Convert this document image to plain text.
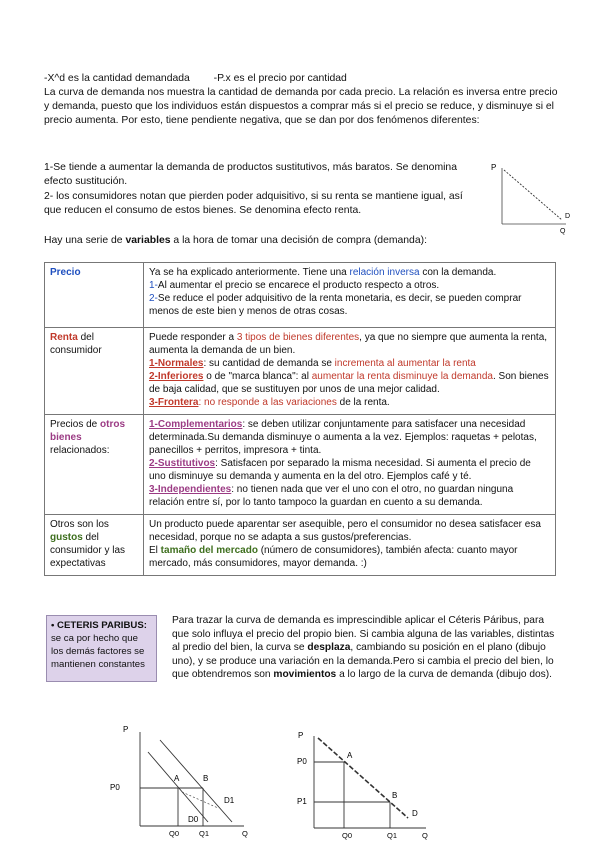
-X^d es la cantidad demandada -P.x es el precio por cantidad

La curva de demanda nos muestra la cantidad de demanda por cada precio. La relación es inversa entre precio y demanda, puesto que los individuos están dispuestos a comprar más si el precio se reduce, y disminuye si el precio aumenta. Por esto, tiene pendiente negativa, que se dan por dos fenómenos diferentes:

1-Se tiende a aumentar la demanda de productos sustitutivos, más baratos. Se denomina efecto sustitución.

2- los consumidores notan que pierden poder adquisitivo, si su renta se mantiene igual, así que reducen el consumo de estos bienes. Se denomina efecto renta.

P
D
Q

Hay una serie de variables a la hora de tomar una decisión de compra (demanda):

Precio	Ya se ha explicado anteriormente. Tiene una relación inversa con la demanda.
1-Al aumentar el precio se encarece el producto respecto a otros.
2-Se reduce el poder adquisitivo de la renta monetaria, es decir, se pueden comprar menos de este bien y menos de otras cosas.
Renta del consumidor	Puede responder a 3 tipos de bienes diferentes, ya que no siempre que aumenta la renta, aumenta la demanda de un bien.
1-Normales: su cantidad de demanda se incrementa al aumentar la renta
2-Inferiores o de "marca blanca": al aumentar la renta disminuye la demanda. Son bienes de baja calidad, que se sustituyen por unos de una mejor calidad.
3-Frontera: no responde a las variaciones de la renta.
Precios de otros bienes relacionados:	1-Complementarios: se deben utilizar conjuntamente para satisfacer una necesidad determinada.Su demanda disminuye o aumenta a la vez. Ejemplos: raquetas + pelotas, panecillos + perritos, impresora + tinta.
2-Sustitutivos: Satisfacen por separado la misma necesidad. Si aumenta el precio de uno disminuye su demanda y aumenta en la del otro. Ejemplos café y té.
3-Independientes: no tienen nada que ver el uno con el otro, no guardan ninguna relación entre sí, por lo tanto tampoco la guardan en cuento a su demanda.
Otros son los gustos del consumidor y las expectativas	Un producto puede aparentar ser asequible, pero el consumidor no desea satisfacer esa necesidad, porque no se adapta a sus gustos/preferencias.
El tamaño del mercado (número de consumidores), también afecta: cuanto mayor mercado, más consumidores, mayor demanda. :)
• CETERIS PARIBUS:
se ca por hecho que los demás factores se mantienen constantes

Para trazar la curva de demanda es imprescindible aplicar el Céteris Páribus, para que solo influya el precio del propio bien. Si cambia alguna de las variables, distintas al predio del bien, la curva se desplaza, cambiando su posición en el plano (dibujo uno), y se produce una variación en la demanda.Pero si cambia el precio del bien, lo que obtendremos son movimientos a lo largo de la curva de demanda (dibujo dos).

P
P0
A	B
D0
D1
Q0	Q1	Q
P
P0
P1
A
B
D
Q0	Q1	Q
